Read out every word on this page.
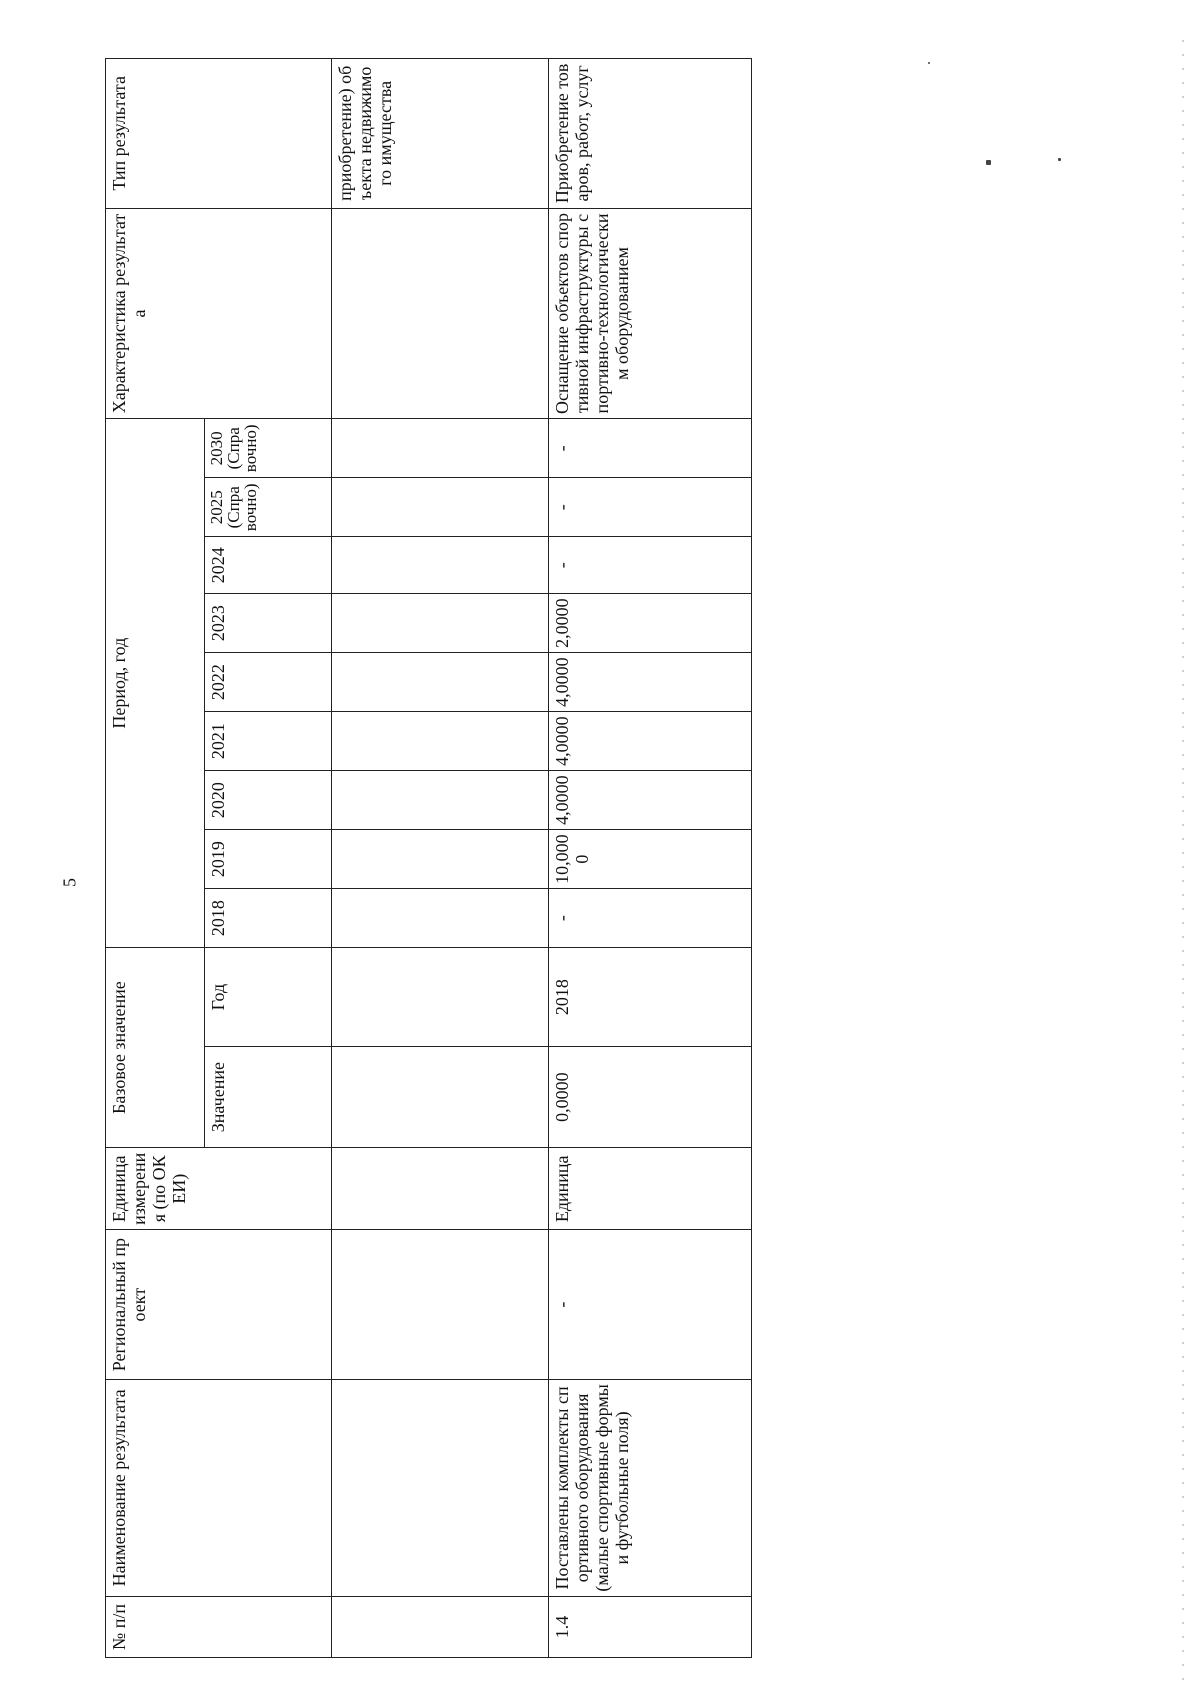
5
№ п/п	Наименование результата	Региональный проект	Единица измерения (по ОКЕИ)	Базовое значение		Период, год									Характеристика результата	Тип результата
				Значение	Год	2018	2019	2020	2021	2022	2023	2024	2025 (Справочно)	2030 (Справочно)		
																приобретение) объекта недвижимого имущества
1.4	Поставлены комплекты спортивного оборудования (малые спортивные формы и футбольные поля)	-	Единица	0,0000	2018	-	10,0000	4,0000	4,0000	4,0000	2,0000	-	-	-	Оснащение объектов спортивной инфраструктуры спортивно-технологическим оборудованием	Приобретение товаров, работ, услуг
